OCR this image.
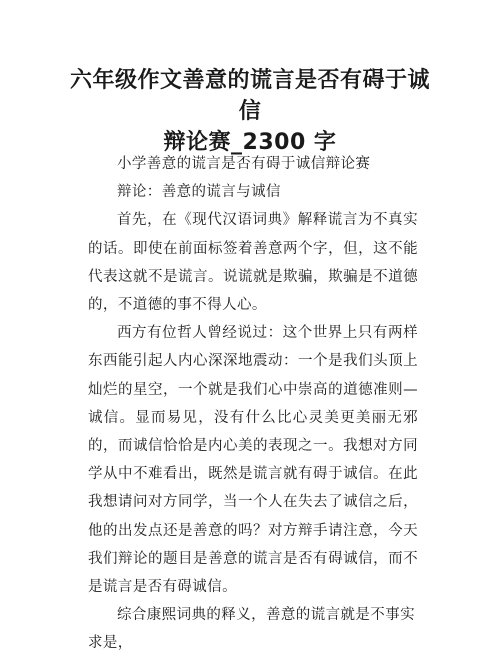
六年级作文善意的谎言是否有碍于诚信
辩论赛_2300 字

小学善意的谎言是否有碍于诚信辩论赛

辩论：善意的谎言与诚信

首先，在《现代汉语词典》解释谎言为不真实的话。即使在前面标签着善意两个字，但，这不能代表这就不是谎言。说谎就是欺骗，欺骗是不道德的，不道德的事不得人心。

西方有位哲人曾经说过：这个世界上只有两样东西能引起人内心深深地震动：一个是我们头顶上灿烂的星空，一个就是我们心中崇高的道德准则—诚信。显而易见，没有什么比心灵美更美丽无邪的，而诚信恰恰是内心美的表现之一。我想对方同学从中不难看出，既然是谎言就有碍于诚信。在此我想请问对方同学，当一个人在失去了诚信之后，他的出发点还是善意的吗？对方辩手请注意，今天我们辩论的题目是善意的谎言是否有碍诚信，而不是谎言是否有碍诚信。

综合康熙词典的释义，善意的谎言就是不事实求是，
